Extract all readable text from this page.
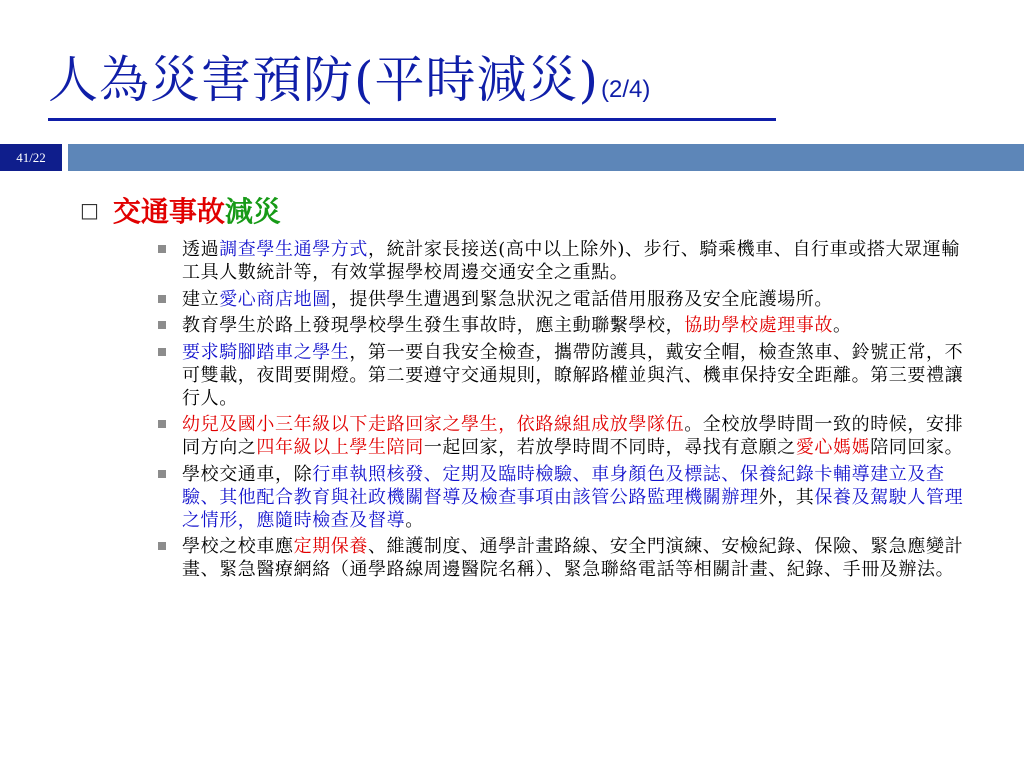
人為災害預防(平時減災)(2/4)
41/22
□ 交通事故減災
透過調查學生通學方式，統計家長接送(高中以上除外)、步行、騎乘機車、自行車或搭大眾運輸工具人數統計等，有效掌握學校周邊交通安全之重點。
建立愛心商店地圖，提供學生遭遇到緊急狀況之電話借用服務及安全庇護場所。
教育學生於路上發現學校學生發生事故時，應主動聯繫學校，協助學校處理事故。
要求騎腳踏車之學生，第一要自我安全檢查，攜帶防護具，戴安全帽，檢查煞車、鈴號正常，不可雙載，夜間要開燈。第二要遵守交通規則，瞭解路權並與汽、機車保持安全距離。第三要禮讓行人。
幼兒及國小三年級以下走路回家之學生，依路線組成放學隊伍。全校放學時間一致的時候，安排同方向之四年級以上學生陪同一起回家，若放學時間不同時，尋找有意願之愛心媽媽陪同回家。
學校交通車，除行車執照核發、定期及臨時檢驗、車身顏色及標誌、保養紀錄卡輔導建立及查驗、其他配合教育與社政機關督導及檢查事項由該管公路監理機關辦理外，其保養及駕駛人管理之情形，應隨時檢查及督導。
學校之校車應定期保養、維護制度、通學計畫路線、安全門演練、安檢紀錄、保險、緊急應變計畫、緊急醫療網絡（通學路線周邊醫院名稱）、緊急聯絡電話等相關計畫、紀錄、手冊及辦法。
